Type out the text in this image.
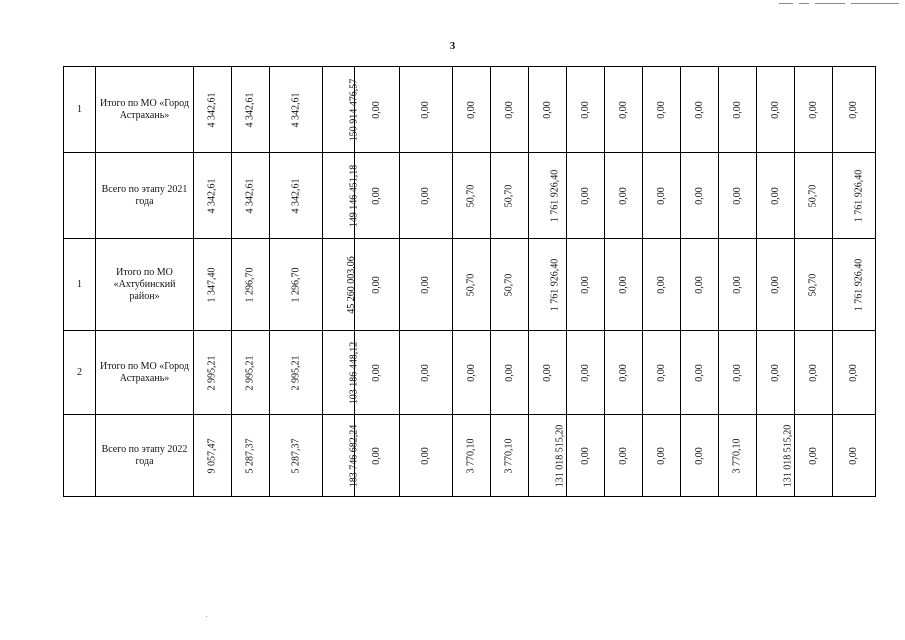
3
1	Итого по МО «Город Астрахань»	4 342,61	4 342,61	4 342,61	150 914 476,57	0,00	0,00	0,00	0,00	0,00	0,00	0,00	0,00	0,00	0,00	0,00	0,00	0,00
	Всего по этапу 2021 года	4 342,61	4 342,61	4 342,61	149 146 451,18	0,00	0,00	50,70	50,70	1 761 926,40	0,00	0,00	0,00	0,00	0,00	0,00	50,70	1 761 926,40
1	Итого по МО «Ахтубинский район»	1 347,40	1 296,70	1 296,70	45 260 003,06	0,00	0,00	50,70	50,70	1 761 926,40	0,00	0,00	0,00	0,00	0,00	0,00	50,70	1 761 926,40
2	Итого по МО «Город Астрахань»	2 995,21	2 995,21	2 995,21	103 186 448,12	0,00	0,00	0,00	0,00	0,00	0,00	0,00	0,00	0,00	0,00	0,00	0,00	0,00
	Всего по этапу 2022 года	9 057,47	5 287,37	5 287,37	183 746 682,24	0,00	0,00	3 770,10	3 770,10	131 018 515,20	0,00	0,00	0,00	0,00	3 770,10	131 018 515,20	0,00	0,00
